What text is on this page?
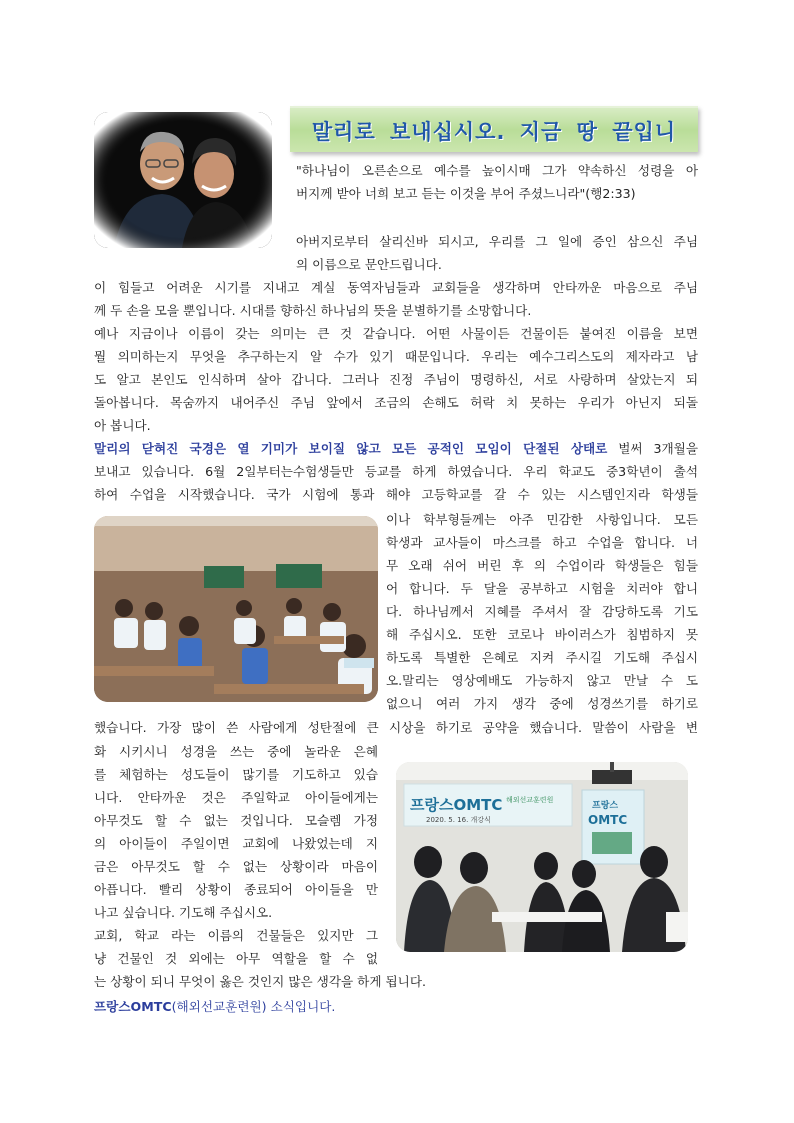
말리로 보내십시오. 지금 땅 끝입니
프랑스OMTC 해외선교훈련원
2020. 5. 16. 개강식
프랑스
OMTC
"하나님이 오른손으로 예수를 높이시매 그가 약속하신 성령을 아
버지께 받아 너희 보고 듣는 이것을 부어 주셨느니라"(행2:33)
아버지로부터 살리신바 되시고, 우리를 그 일에 증인 삼으신 주님
의 이름으로 문안드립니다.
이 힘들고 어려운 시기를 지내고 계실 동역자님들과 교회들을 생각하며 안타까운 마음으로 주님
께 두 손을 모을 뿐입니다. 시대를 향하신 하나님의 뜻을 분별하기를 소망합니다.
예나 지금이나 이름이 갖는 의미는 큰 것 같습니다. 어떤 사물이든 건물이든 붙여진 이름을 보면
뭘 의미하는지 무엇을 추구하는지 알 수가 있기 때문입니다. 우리는 예수그리스도의 제자라고 남
도 알고 본인도 인식하며 살아 갑니다. 그러나 진정 주님이 명령하신, 서로 사랑하며 살았는지 되
돌아봅니다. 목숨까지 내어주신 주님 앞에서 조금의 손해도 허락 치 못하는 우리가 아닌지 되돌
아 봅니다.
말리의 닫혀진 국경은 열 기미가 보이질 않고 모든 공적인 모임이 단절된 상태로 벌써 3개월을
보내고 있습니다. 6월 2일부터는수험생들만 등교를 하게 하였습니다. 우리 학교도 중3학년이 출석
하여 수업을 시작했습니다. 국가 시험에 통과 해야 고등학교를 갈 수 있는 시스템인지라 학생들
이나 학부형들께는 아주 민감한 사항입니다. 모든
학생과 교사들이 마스크를 하고 수업을 합니다. 너
무 오래 쉬어 버린 후 의 수업이라 학생들은 힘들
어 합니다. 두 달을 공부하고 시험을 치러야 합니
다. 하나님께서 지혜를 주셔서 잘 감당하도록 기도
해 주십시오. 또한 코로나 바이러스가 침범하지 못
하도록 특별한 은혜로 지켜 주시길 기도해 주십시
오.말리는 영상예배도 가능하지 않고 만날 수 도
없으니 여러 가지 생각 중에 성경쓰기를 하기로
했습니다. 가장 많이 쓴 사람에게 성탄절에 큰 시상을 하기로 공약을 했습니다. 말씀이 사람을 변
화 시키시니 성경을 쓰는 중에 놀라운 은혜
를 체험하는 성도들이 많기를 기도하고 있습
니다. 안타까운 것은 주일학교 아이들에게는
아무것도 할 수 없는 것입니다. 모슬렘 가정
의 아이들이 주일이면 교회에 나왔었는데 지
금은 아무것도 할 수 없는 상황이라 마음이
아픕니다. 빨리 상황이 종료되어 아이들을 만
나고 싶습니다. 기도해 주십시오.
교회, 학교 라는 이름의 건물들은 있지만 그
냥 건물인 것 외에는 아무 역할을 할 수 없
는 상황이 되니 무엇이 옳은 것인지 많은 생각을 하게 됩니다.
프랑스OMTC(해외선교훈련원) 소식입니다.
